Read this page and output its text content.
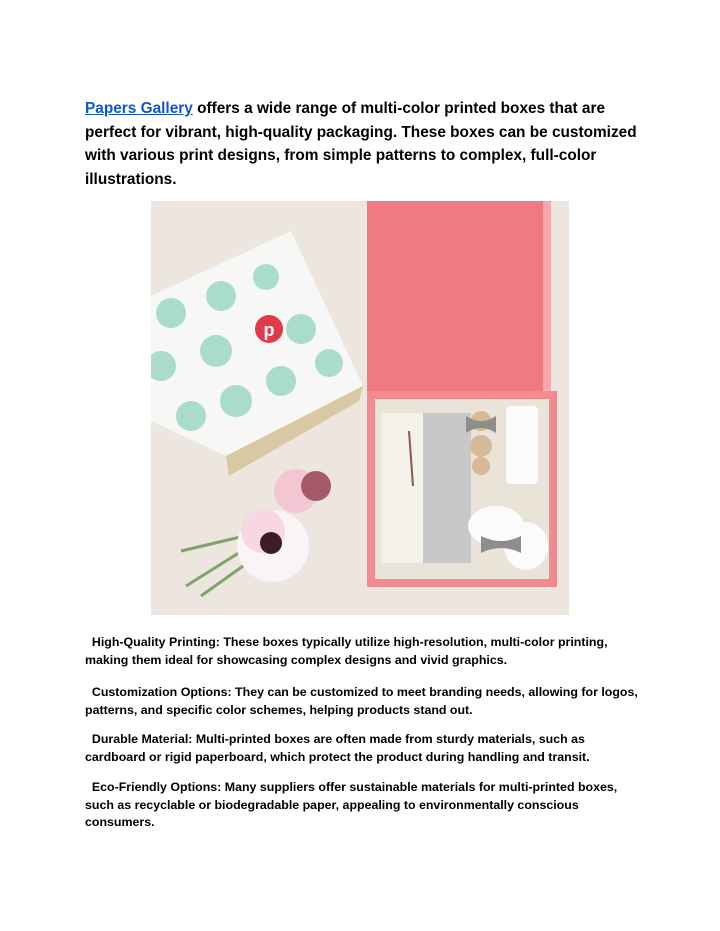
Papers Gallery offers a wide range of multi-color printed boxes that are perfect for vibrant, high-quality packaging. These boxes can be customized with various print designs, from simple patterns to complex, full-color illustrations.

p

High-Quality Printing: These boxes typically utilize high-resolution, multi-color printing, making them ideal for showcasing complex designs and vivid graphics.

Customization Options: They can be customized to meet branding needs, allowing for logos, patterns, and specific color schemes, helping products stand out.

Durable Material: Multi-printed boxes are often made from sturdy materials, such as cardboard or rigid paperboard, which protect the product during handling and transit.

Eco-Friendly Options: Many suppliers offer sustainable materials for multi-printed boxes, such as recyclable or biodegradable paper, appealing to environmentally conscious consumers.
